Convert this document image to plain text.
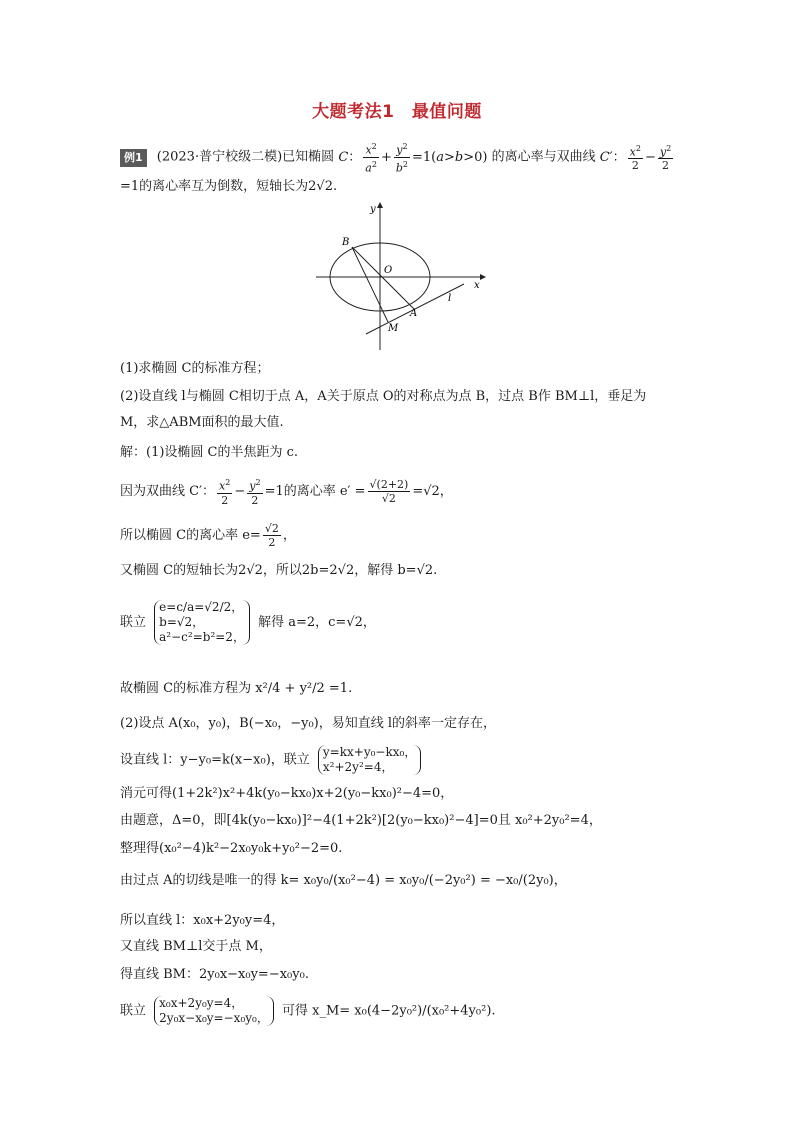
大题考法1　最值问题
例1 (2023·普宁校级二模)已知椭圆 C： $\frac{x^2}{a^2} + \frac{y^2}{b^2} =1(a>b>0)$ 的离心率与双曲线 C′： $\frac{x^2}{2} - \frac{y^2}{2}$
=1的离心率互为倒数，短轴长为2√2.
y
x
O
B
A
M
l
(1)求椭圆 C的标准方程；
(2)设直线 l与椭圆 C相切于点 A，A关于原点 O的对称点为点 B，过点 B作 BM⊥l，垂足为
M，求△ABM面积的最大值.
解：(1)设椭圆 C的半焦距为 c.
因为双曲线 C′： $\frac{x^2}{2} - \frac{y^2}{2} =1$的离心率 $e' = \frac{√(2+2)}{√2} =√2$，
所以椭圆 C的离心率 $e= \frac{√2}{2}$ ，
又椭圆 C的短轴长为2√2，所以2b=2√2，解得 b=√2.
联立
e=c/a=√2/2，
b=√2，
a²−c²=b²=2，
解得 a=2，c=√2，
故椭圆 C的标准方程为 x²/4 + y²/2 =1.
(2)设点 A(x₀，y₀)，B(−x₀，−y₀)，易知直线 l的斜率一定存在，
设直线 l：y−y₀=k(x−x₀)，联立
y=kx+y₀−kx₀，
x²+2y²=4，
消元可得(1+2k²)x²+4k(y₀−kx₀)x+2(y₀−kx₀)²−4=0，
由题意，Δ=0，即[4k(y₀−kx₀)]²−4(1+2k²)[2(y₀−kx₀)²−4]=0且 x₀²+2y₀²=4，
整理得(x₀²−4)k²−2x₀y₀k+y₀²−2=0.
由过点 A的切线是唯一的得 k= x₀y₀/(x₀²−4) = x₀y₀/(−2y₀²) = −x₀/(2y₀)，
所以直线 l：x₀x+2y₀y=4，
又直线 BM⊥l交于点 M，
得直线 BM：2y₀x−x₀y=−x₀y₀.
联立
x₀x+2y₀y=4，
2y₀x−x₀y=−x₀y₀， 可得 x_M= x₀(4−2y₀²)/(x₀²+4y₀²).
